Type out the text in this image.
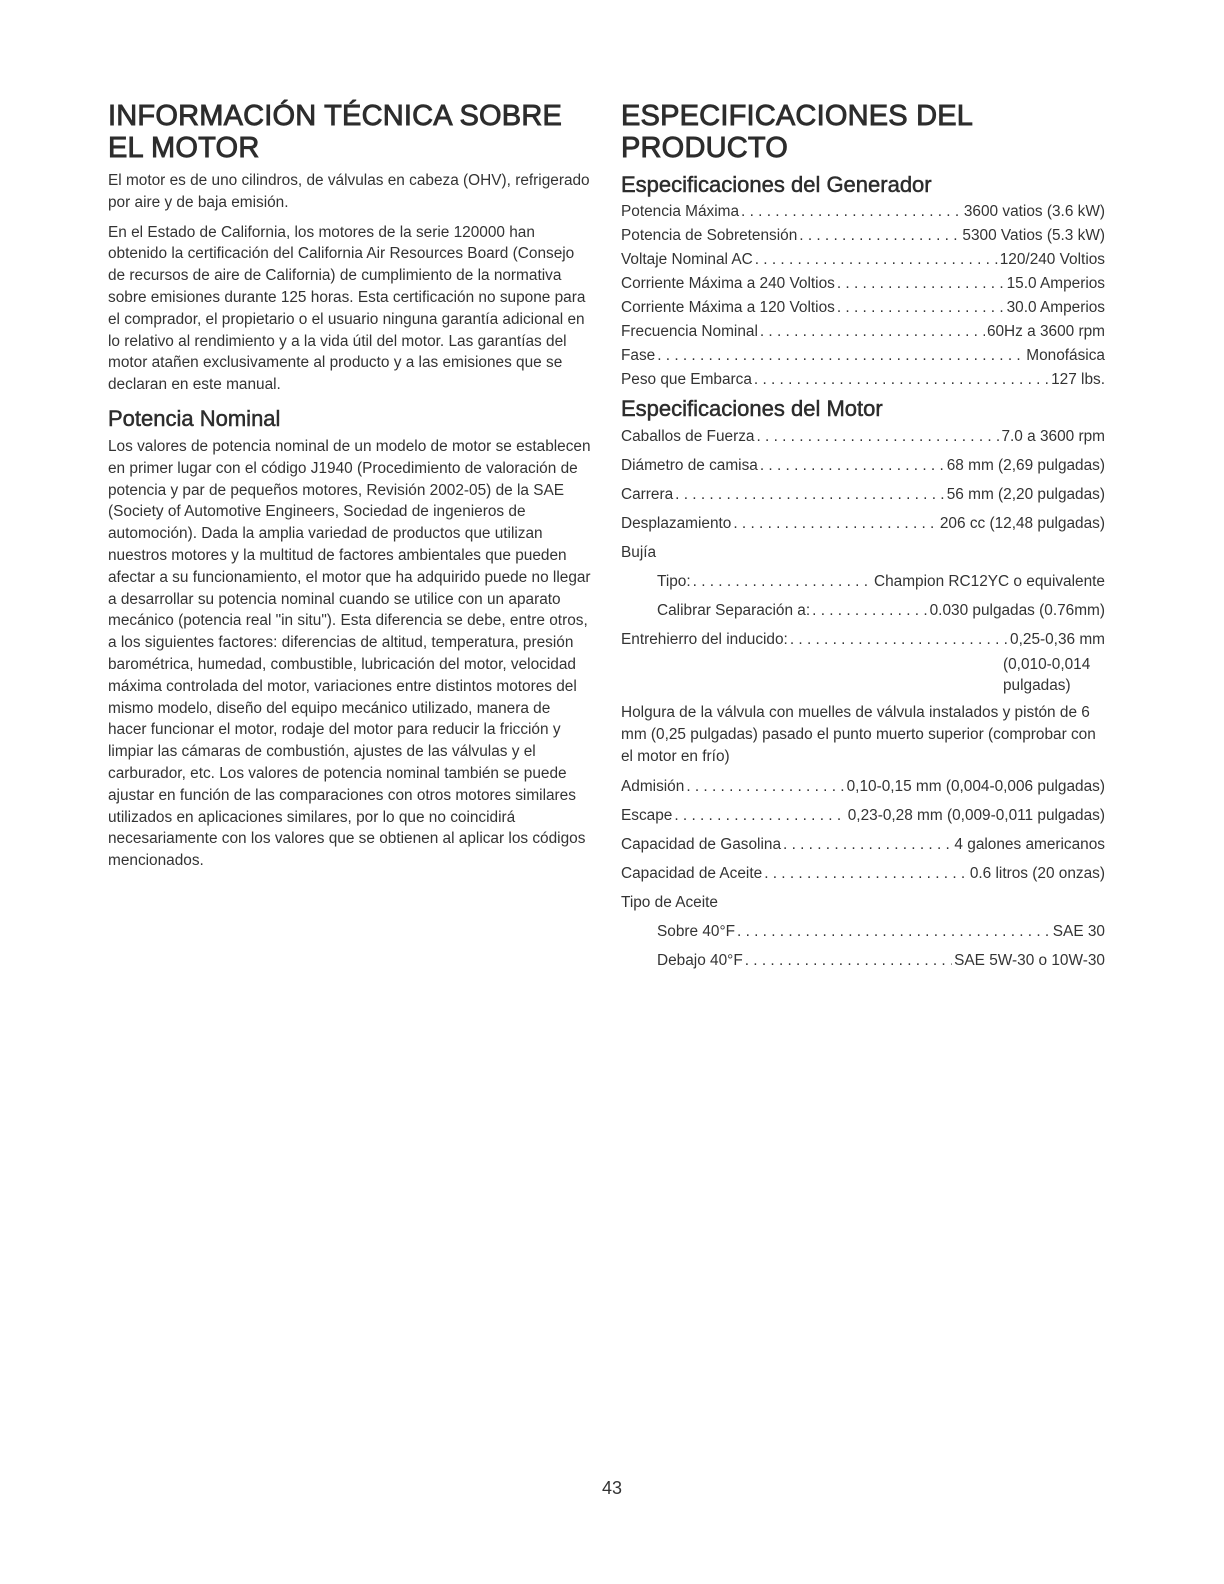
INFORMACIÓN TÉCNICA SOBRE EL MOTOR

El motor es de uno cilindros, de válvulas en cabeza (OHV), refrigerado por aire y de baja emisión.

En el Estado de California, los motores de la serie 120000 han obtenido la certificación del California Air Resources Board (Consejo de recursos de aire de California) de cumplimiento de la normativa sobre emisiones durante 125 horas. Esta certificación no supone para el comprador, el propietario o el usuario ninguna garantía adicional en lo relativo al rendimiento y a la vida útil del motor. Las garantías del motor atañen exclusivamente al producto y a las emisiones que se declaran en este manual.

Potencia Nominal

Los valores de potencia nominal de un modelo de motor se establecen en primer lugar con el código J1940 (Procedimiento de valoración de potencia y par de pequeños motores, Revisión 2002-05) de la SAE (Society of Automotive Engineers, Sociedad de ingenieros de automoción). Dada la amplia variedad de productos que utilizan nuestros motores y la multitud de factores ambientales que pueden afectar a su funcionamiento, el motor que ha adquirido puede no llegar a desarrollar su potencia nominal cuando se utilice con un aparato mecánico (potencia real "in situ"). Esta diferencia se debe, entre otros, a los siguientes factores: diferencias de altitud, temperatura, presión barométrica, humedad, combustible, lubricación del motor, velocidad máxima controlada del motor, variaciones entre distintos motores del mismo modelo, diseño del equipo mecánico utilizado, manera de hacer funcionar el motor, rodaje del motor para reducir la fricción y limpiar las cámaras de combustión, ajustes de las válvulas y el carburador, etc. Los valores de potencia nominal también se puede ajustar en función de las comparaciones con otros motores similares utilizados en aplicaciones similares, por lo que no coincidirá necesariamente con los valores que se obtienen al aplicar los códigos mencionados.

ESPECIFICACIONES DEL PRODUCTO
Especificaciones del Generador
Potencia Máxima . . .	3600 vatios (3.6 kW)
Potencia de Sobretensión . . .	5300 Vatios (5.3 kW)
Voltaje Nominal AC . . .	120/240 Voltios
Corriente Máxima a 240 Voltios . . .	15.0 Amperios
Corriente Máxima a 120 Voltios . . .	30.0 Amperios
Frecuencia Nominal . . .	60Hz a 3600 rpm
Fase . . .	Monofásica
Peso que Embarca . . .	127 lbs.
Especificaciones del Motor
Caballos de Fuerza . . .	7.0 a 3600 rpm
Diámetro de camisa . . .	68 mm (2,69 pulgadas)
Carrera . . .	56 mm (2,20 pulgadas)
Desplazamiento . . .	206 cc (12,48 pulgadas)
Bujía
Tipo: . . .	Champion RC12YC o equivalente
Calibrar Separación a: . . .	0.030 pulgadas (0.76mm)
Entrehierro del inducido: . . .	0,25-0,36 mm
(0,010-0,014 pulgadas)
Holgura de la válvula con muelles de válvula instalados y pistón de 6 mm (0,25 pulgadas) pasado el punto muerto superior (comprobar con el motor en frío)
Admisión . . .	0,10-0,15 mm (0,004-0,006 pulgadas)
Escape . . .	0,23-0,28 mm (0,009-0,011 pulgadas)
Capacidad de Gasolina . . .	4 galones americanos
Capacidad de Aceite . . .	0.6 litros (20 onzas)
Tipo de Aceite
Sobre 40°F . . .	SAE 30
Debajo 40°F . . .	SAE 5W-30 o 10W-30
43
